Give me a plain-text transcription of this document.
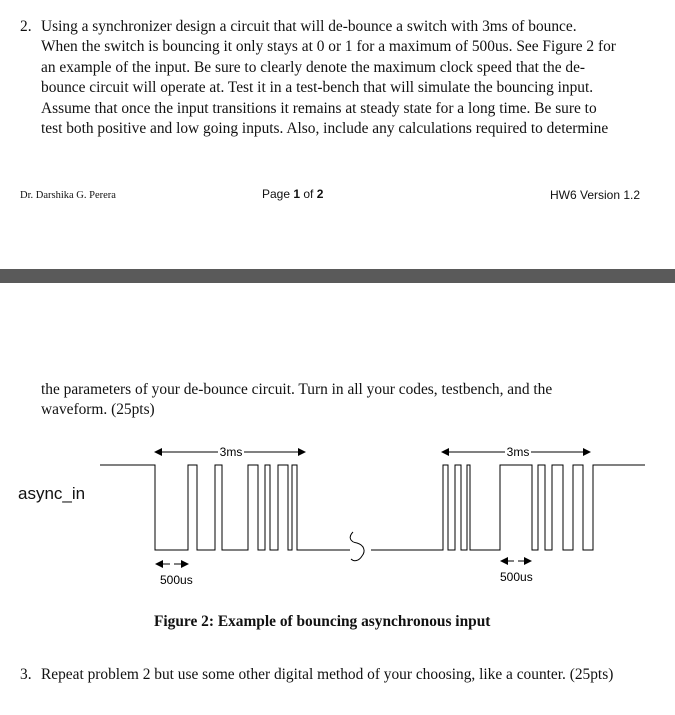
2. Using a synchronizer design a circuit that will de-bounce a switch with 3ms of bounce.
When the switch is bouncing it only stays at 0 or 1 for a maximum of 500us. See Figure 2 for
an example of the input. Be sure to clearly denote the maximum clock speed that the de-
bounce circuit will operate at. Test it in a test-bench that will simulate the bouncing input.
Assume that once the input transitions it remains at steady state for a long time. Be sure to
test both positive and low going inputs. Also, include any calculations required to determine
Dr. Darshika G. Perera	Page 1 of 2	HW6 Version 1.2
the parameters of your de-bounce circuit. Turn in all your codes, testbench, and the
waveform. (25pts)
async_in
3ms	3ms
500us	500us
Figure 2: Example of bouncing asynchronous input
3. Repeat problem 2 but use some other digital method of your choosing, like a counter. (25pts)
